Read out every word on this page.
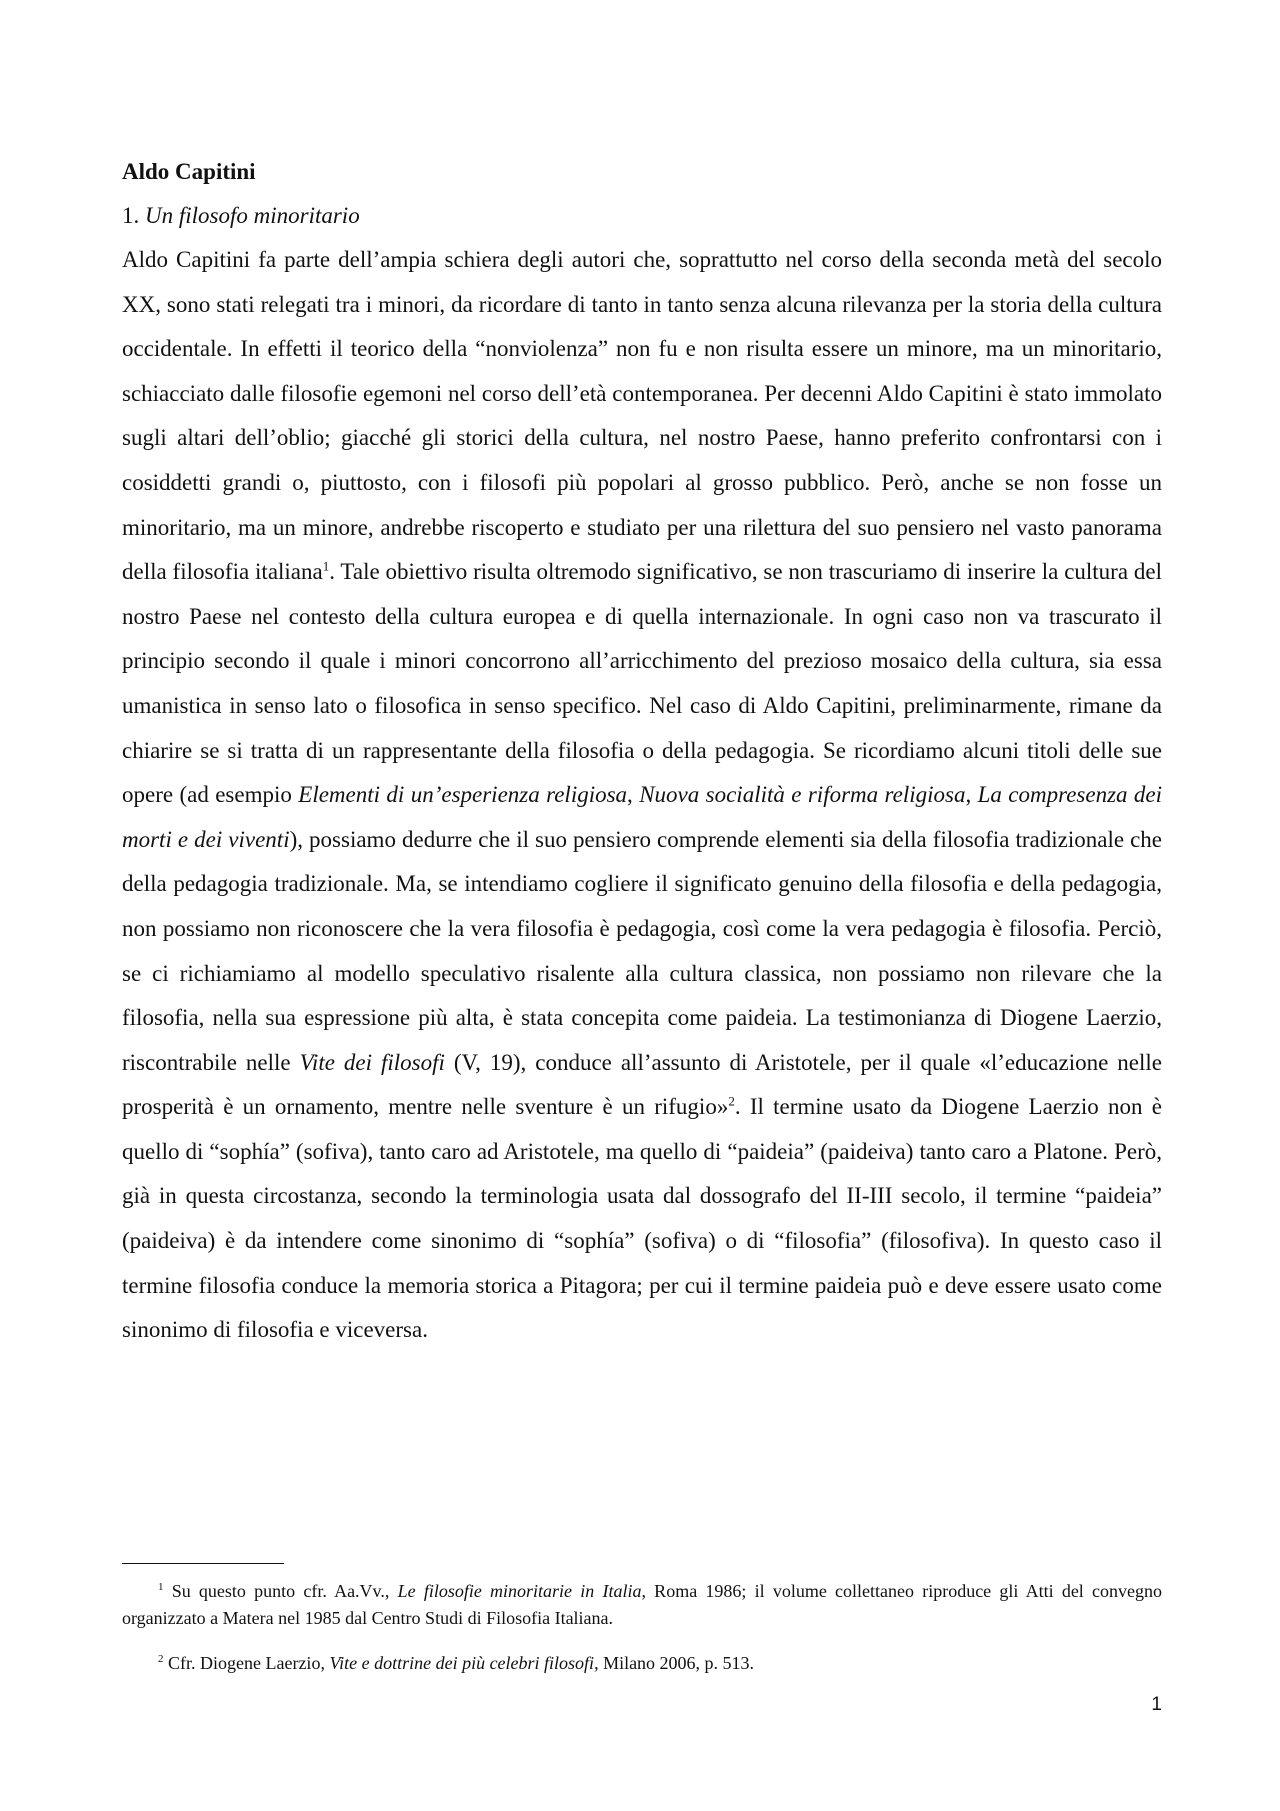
Aldo Capitini

1. Un filosofo minoritario

Aldo Capitini fa parte dell’ampia schiera degli autori che, soprattutto nel corso della seconda metà del secolo XX, sono stati relegati tra i minori, da ricordare di tanto in tanto senza alcuna rilevanza per la storia della cultura occidentale. In effetti il teorico della “nonviolenza” non fu e non risulta essere un minore, ma un minoritario, schiacciato dalle filosofie egemoni nel corso dell’età contemporanea. Per decenni Aldo Capitini è stato immolato sugli altari dell’oblio; giacché gli storici della cultura, nel nostro Paese, hanno preferito confrontarsi con i cosiddetti grandi o, piuttosto, con i filosofi più popolari al grosso pubblico. Però, anche se non fosse un minoritario, ma un minore, andrebbe riscoperto e studiato per una rilettura del suo pensiero nel vasto panorama della filosofia italiana$^1$. Tale obiettivo risulta oltremodo significativo, se non trascuriamo di inserire la cultura del nostro Paese nel contesto della cultura europea e di quella internazionale. In ogni caso non va trascurato il principio secondo il quale i minori concorrono all’arricchimento del prezioso mosaico della cultura, sia essa umanistica in senso lato o filosofica in senso specifico. Nel caso di Aldo Capitini, preliminarmente, rimane da chiarire se si tratta di un rappresentante della filosofia o della pedagogia. Se ricordiamo alcuni titoli delle sue opere (ad esempio Elementi di un’esperienza religiosa, Nuova socialità e riforma religiosa, La compresenza dei morti e dei viventi), possiamo dedurre che il suo pensiero comprende elementi sia della filosofia tradizionale che della pedagogia tradizionale. Ma, se intendiamo cogliere il significato genuino della filosofia e della pedagogia, non possiamo non riconoscere che la vera filosofia è pedagogia, così come la vera pedagogia è filosofia. Perciò, se ci richiamiamo al modello speculativo risalente alla cultura classica, non possiamo non rilevare che la filosofia, nella sua espressione più alta, è stata concepita come paideia. La testimonianza di Diogene Laerzio, riscontrabile nelle Vite dei filosofi (V, 19), conduce all’assunto di Aristotele, per il quale «l’educazione nelle prosperità è un ornamento, mentre nelle sventure è un rifugio»$^2$. Il termine usato da Diogene Laerzio non è quello di “sophía” (sofiva), tanto caro ad Aristotele, ma quello di “paideia” (paideiva) tanto caro a Platone. Però, già in questa circostanza, secondo la terminologia usata dal dossografo del II-III secolo, il termine “paideia” (paideiva) è da intendere come sinonimo di “sophía” (sofiva) o di “filosofia” (filosofiva). In questo caso il termine filosofia conduce la memoria storica a Pitagora; per cui il termine paideia può e deve essere usato come sinonimo di filosofia e viceversa.

$^1$ Su questo punto cfr. Aa.Vv., Le filosofie minoritarie in Italia, Roma 1986; il volume collettaneo riproduce gli Atti del convegno organizzato a Matera nel 1985 dal Centro Studi di Filosofia Italiana.

$^2$ Cfr. Diogene Laerzio, Vite e dottrine dei più celebri filosofi, Milano 2006, p. 513.

1
